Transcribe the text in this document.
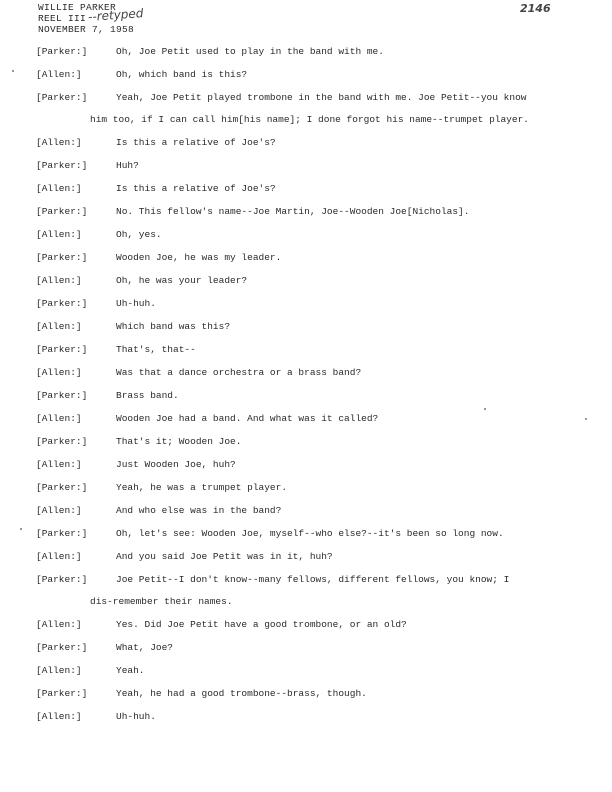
WILLIE PARKER
REEL III
NOVEMBER 7, 1958
--retyped	2146
[Parker:]	Oh, Joe Petit used to play in the band with me.
[Allen:]	Oh, which band is this?
[Parker:]	Yeah, Joe Petit played trombone in the band with me. Joe Petit--you know
him too, if I can call him[his name]; I done forgot his name--trumpet player.
[Allen:]	Is this a relative of Joe's?
[Parker:]	Huh?
[Allen:]	Is this a relative of Joe's?
[Parker:]	No. This fellow's name--Joe Martin, Joe--Wooden Joe[Nicholas].
[Allen:]	Oh, yes.
[Parker:]	Wooden Joe, he was my leader.
[Allen:]	Oh, he was your leader?
[Parker:]	Uh-huh.
[Allen:]	Which band was this?
[Parker:]	That's, that--
[Allen:]	Was that a dance orchestra or a brass band?
[Parker:]	Brass band.
[Allen:]	Wooden Joe had a band. And what was it called?
[Parker:]	That's it; Wooden Joe.
[Allen:]	Just Wooden Joe, huh?
[Parker:]	Yeah, he was a trumpet player.
[Allen:]	And who else was in the band?
[Parker:]	Oh, let's see: Wooden Joe, myself--who else?--it's been so long now.
[Allen:]	And you said Joe Petit was in it, huh?
[Parker:]	Joe Petit--I don't know--many fellows, different fellows, you know; I
dis-remember their names.
[Allen:]	Yes. Did Joe Petit have a good trombone, or an old?
[Parker:]	What, Joe?
[Allen:]	Yeah.
[Parker:]	Yeah, he had a good trombone--brass, though.
[Allen:]	Uh-huh.
